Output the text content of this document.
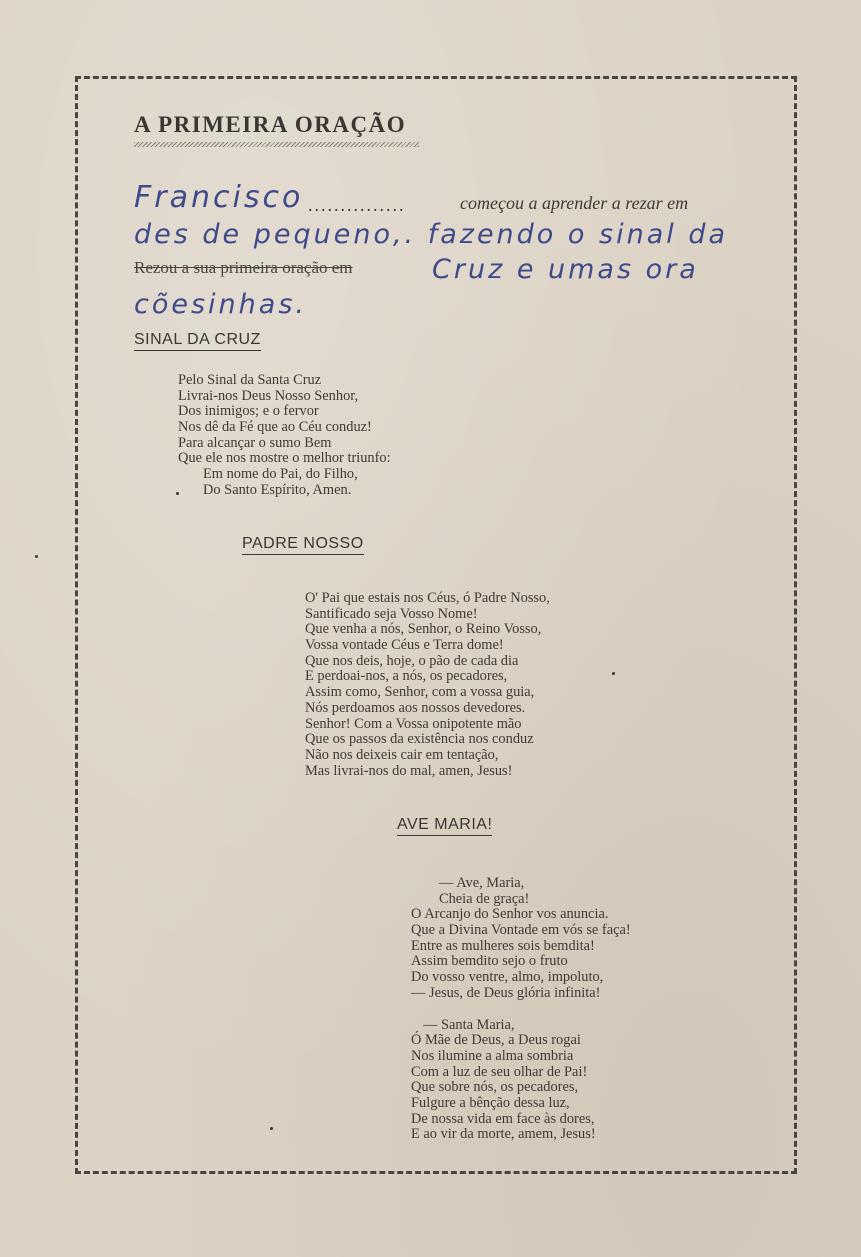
A PRIMEIRA ORAÇÃO
Francisco ...............	começou a aprender a rezar em
des de pequeno,. fazendo o sinal da
Rezou a sua primeira oração em	Cruz e umas ora
cõesinhas.
SINAL DA CRUZ
Pelo Sinal da Santa Cruz
Livrai-nos Deus Nosso Senhor,
Dos inimigos; e o fervor
Nos dê da Fé que ao Céu conduz!
Para alcançar o sumo Bem
Que ele nos mostre o melhor triunfo:
Em nome do Pai, do Filho,
Do Santo Espírito, Amen.
PADRE NOSSO
O' Pai que estais nos Céus, ó Padre Nosso,
Santificado seja Vosso Nome!
Que venha a nós, Senhor, o Reino Vosso,
Vossa vontade Céus e Terra dome!
Que nos deis, hoje, o pão de cada dia
E perdoai-nos, a nós, os pecadores,
Assim como, Senhor, com a vossa guia,
Nós perdoamos aos nossos devedores.
Senhor! Com a Vossa onipotente mão
Que os passos da existência nos conduz
Não nos deixeis cair em tentação,
Mas livrai-nos do mal, amen, Jesus!
AVE MARIA!
— Ave, Maria,
Cheia de graça!
O Arcanjo do Senhor vos anuncia.
Que a Divina Vontade em vós se faça!
Entre as mulheres sois bemdita!
Assim bemdito sejo o fruto
Do vosso ventre, almo, impoluto,
— Jesus, de Deus glória infinita!
— Santa Maria,
Ó Mãe de Deus, a Deus rogai
Nos ilumine a alma sombria
Com a luz de seu olhar de Pai!
Que sobre nós, os pecadores,
Fulgure a bênção dessa luz,
De nossa vida em face às dores,
E ao vir da morte, amem, Jesus!
